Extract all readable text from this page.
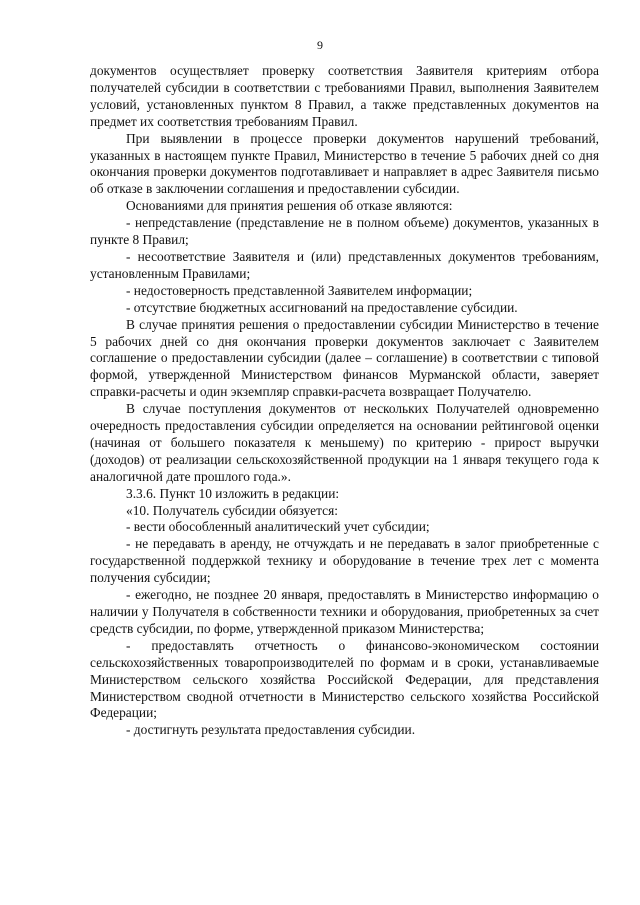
9

документов осуществляет проверку соответствия Заявителя критериям отбора получателей субсидии в соответствии с требованиями Правил, выполнения Заявителем условий, установленных пунктом 8 Правил, а также представленных документов на предмет их соответствия требованиям Правил.

При выявлении в процессе проверки документов нарушений требований, указанных в настоящем пункте Правил, Министерство в течение 5 рабочих дней со дня окончания проверки документов подготавливает и направляет в адрес Заявителя письмо об отказе в заключении соглашения и предоставлении субсидии.

Основаниями для принятия решения об отказе являются:

- непредставление (представление не в полном объеме) документов, указанных в пункте 8 Правил;

- несоответствие Заявителя и (или) представленных документов требованиям, установленным Правилами;

- недостоверность представленной Заявителем информации;

- отсутствие бюджетных ассигнований на предоставление субсидии.

В случае принятия решения о предоставлении субсидии Министерство в течение 5 рабочих дней со дня окончания проверки документов заключает с Заявителем соглашение о предоставлении субсидии (далее – соглашение) в соответствии с типовой формой, утвержденной Министерством финансов Мурманской области, заверяет справки-расчеты и один экземпляр справки-расчета возвращает Получателю.

В случае поступления документов от нескольких Получателей одновременно очередность предоставления субсидии определяется на основании рейтинговой оценки (начиная от большего показателя к меньшему) по критерию - прирост выручки (доходов) от реализации сельскохозяйственной продукции на 1 января текущего года к аналогичной дате прошлого года.».

3.3.6. Пункт 10 изложить в редакции:

«10. Получатель субсидии обязуется:

- вести обособленный аналитический учет субсидии;

- не передавать в аренду, не отчуждать и не передавать в залог приобретенные с государственной поддержкой технику и оборудование в течение трех лет с момента получения субсидии;

- ежегодно, не позднее 20 января, предоставлять в Министерство информацию о наличии у Получателя в собственности техники и оборудования, приобретенных за счет средств субсидии, по форме, утвержденной приказом Министерства;

- предоставлять отчетность о финансово-экономическом состоянии сельскохозяйственных товаропроизводителей по формам и в сроки, устанавливаемые Министерством сельского хозяйства Российской Федерации, для представления Министерством сводной отчетности в Министерство сельского хозяйства Российской Федерации;

- достигнуть результата предоставления субсидии.
